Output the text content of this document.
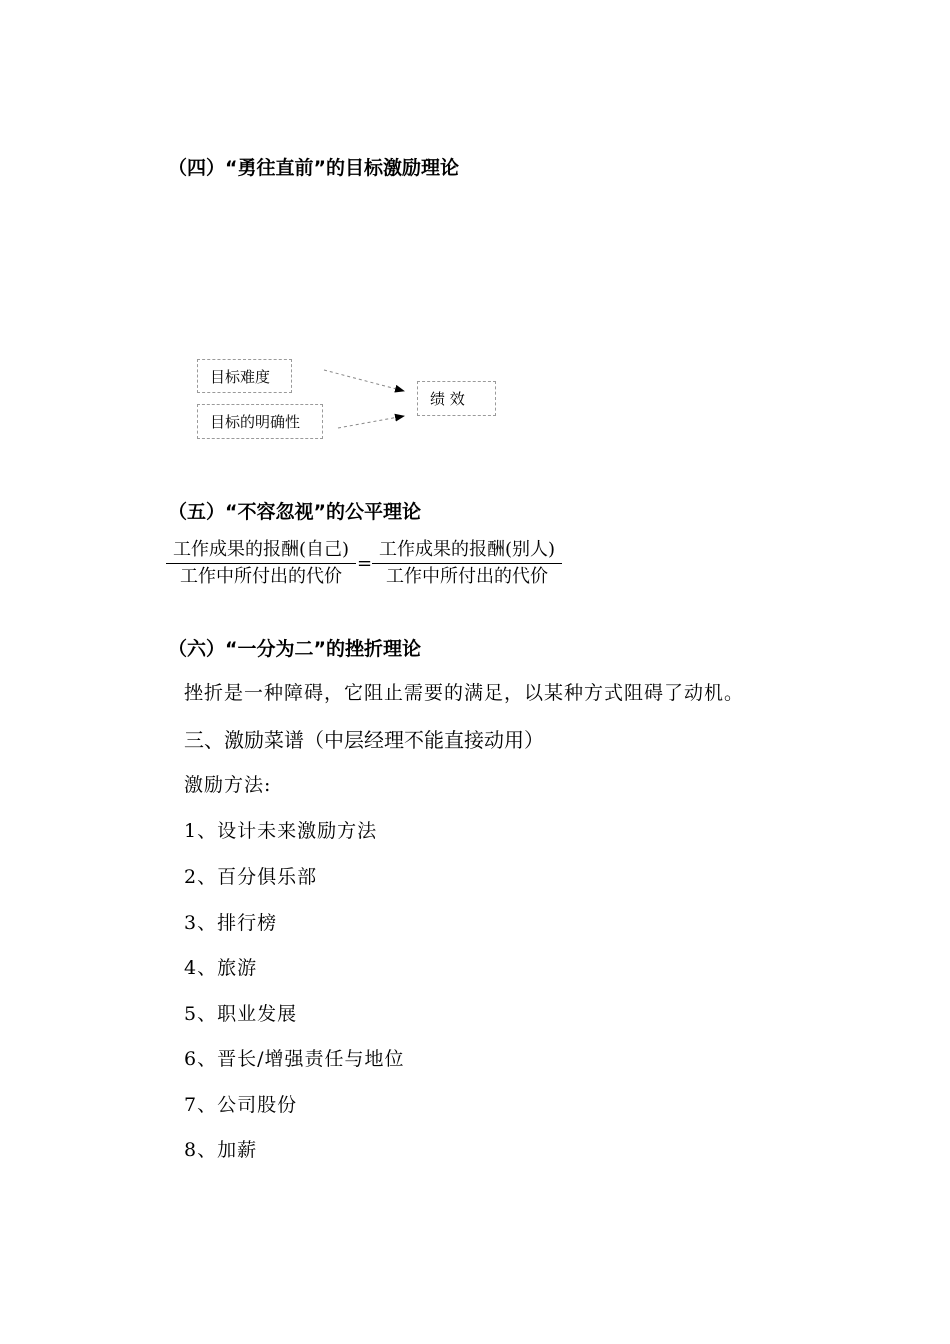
（四）“勇往直前”的目标激励理论
目标难度
目标的明确性
绩 效
（五）“不容忽视”的公平理论
工作成果的报酬(自己)
工作中所付出的代价
=
工作成果的报酬(别人)
工作中所付出的代价
（六）“一分为二”的挫折理论
挫折是一种障碍，它阻止需要的满足，以某种方式阻碍了动机。
三、激励菜谱（中层经理不能直接动用）
激励方法:
1、设计未来激励方法
2、百分俱乐部
3、排行榜
4、旅游
5、职业发展
6、晋长/增强责任与地位
7、公司股份
8、加薪
